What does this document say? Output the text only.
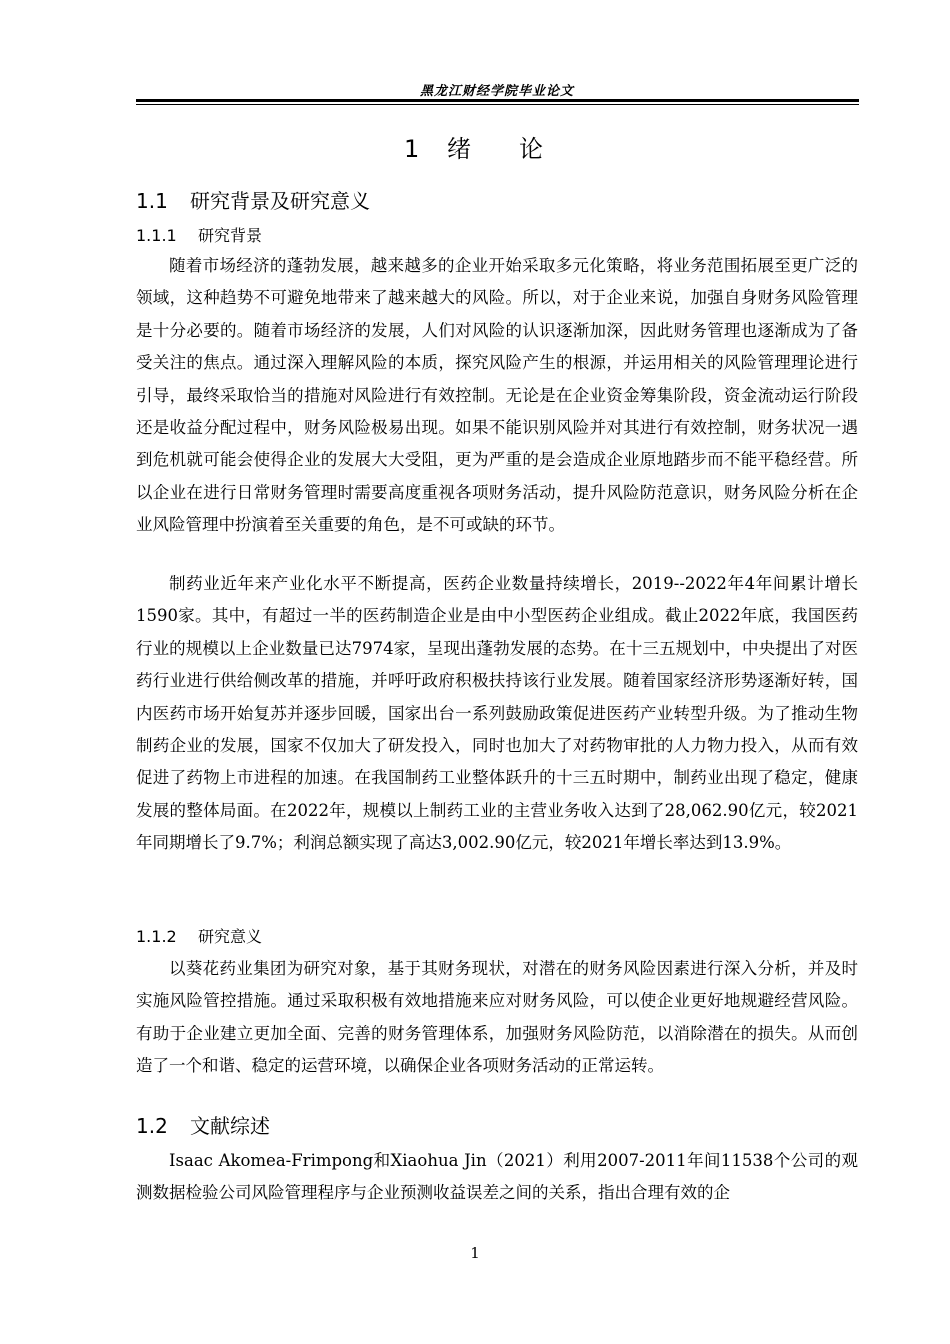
黑龙江财经学院毕业论文
1 绪论
1.1 研究背景及研究意义
1.1.1 研究背景

随着市场经济的蓬勃发展，越来越多的企业开始采取多元化策略，将业务范围拓展至更广泛的领域，这种趋势不可避免地带来了越来越大的风险。所以，对于企业来说，加强自身财务风险管理是十分必要的。随着市场经济的发展，人们对风险的认识逐渐加深，因此财务管理也逐渐成为了备受关注的焦点。通过深入理解风险的本质，探究风险产生的根源，并运用相关的风险管理理论进行引导，最终采取恰当的措施对风险进行有效控制。无论是在企业资金筹集阶段，资金流动运行阶段还是收益分配过程中，财务风险极易出现。如果不能识别风险并对其进行有效控制，财务状况一遇到危机就可能会使得企业的发展大大受阻，更为严重的是会造成企业原地踏步而不能平稳经营。所以企业在进行日常财务管理时需要高度重视各项财务活动，提升风险防范意识，财务风险分析在企业风险管理中扮演着至关重要的角色，是不可或缺的环节。

制药业近年来产业化水平不断提高，医药企业数量持续增长，2019--2022年4年间累计增长1590家。其中，有超过一半的医药制造企业是由中小型医药企业组成。截止2022年底，我国医药行业的规模以上企业数量已达7974家，呈现出蓬勃发展的态势。在十三五规划中，中央提出了对医药行业进行供给侧改革的措施，并呼吁政府积极扶持该行业发展。随着国家经济形势逐渐好转，国内医药市场开始复苏并逐步回暖，国家出台一系列鼓励政策促进医药产业转型升级。为了推动生物制药企业的发展，国家不仅加大了研发投入，同时也加大了对药物审批的人力物力投入，从而有效促进了药物上市进程的加速。在我国制药工业整体跃升的十三五时期中，制药业出现了稳定，健康发展的整体局面。在2022年，规模以上制药工业的主营业务收入达到了28,062.90亿元，较2021年同期增长了9.7%；利润总额实现了高达3,002.90亿元，较2021年增长率达到13.9%。

1.1.2 研究意义

以葵花药业集团为研究对象，基于其财务现状，对潜在的财务风险因素进行深入分析，并及时实施风险管控措施。通过采取积极有效地措施来应对财务风险，可以使企业更好地规避经营风险。有助于企业建立更加全面、完善的财务管理体系，加强财务风险防范，以消除潜在的损失。从而创造了一个和谐、稳定的运营环境，以确保企业各项财务活动的正常运转。

1.2 文献综述

Isaac Akomea-Frimpong和Xiaohua Jin（2021）利用2007-2011年间11538个公司的观测数据检验公司风险管理程序与企业预测收益误差之间的关系，指出合理有效的企

1
